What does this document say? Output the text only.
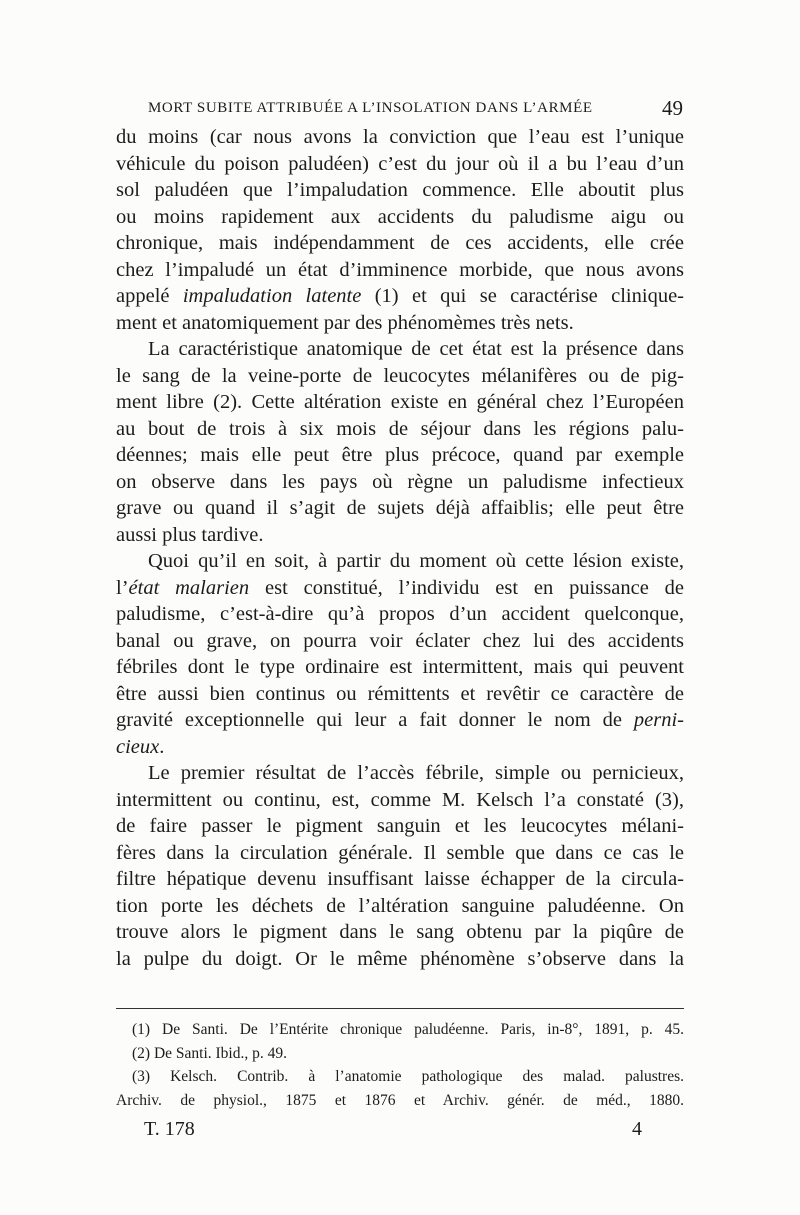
MORT SUBITE ATTRIBUÉE A L’INSOLATION DANS L’ARMÉE	49
du moins (car nous avons la conviction que l’eau est l’unique
véhicule du poison paludéen) c’est du jour où il a bu l’eau d’un
sol paludéen que l’impaludation commence. Elle aboutit plus
ou moins rapidement aux accidents du paludisme aigu ou
chronique, mais indépendamment de ces accidents, elle crée
chez l’impaludé un état d’imminence morbide, que nous avons
appelé impaludation latente (1) et qui se caractérise clinique-
ment et anatomiquement par des phénomèmes très nets.
La caractéristique anatomique de cet état est la présence dans
le sang de la veine-porte de leucocytes mélanifères ou de pig-
ment libre (2). Cette altération existe en général chez l’Européen
au bout de trois à six mois de séjour dans les régions palu-
déennes; mais elle peut être plus précoce, quand par exemple
on observe dans les pays où règne un paludisme infectieux
grave ou quand il s’agit de sujets déjà affaiblis; elle peut être
aussi plus tardive.
Quoi qu’il en soit, à partir du moment où cette lésion existe,
l’état malarien est constitué, l’individu est en puissance de
paludisme, c’est-à-dire qu’à propos d’un accident quelconque,
banal ou grave, on pourra voir éclater chez lui des accidents
fébriles dont le type ordinaire est intermittent, mais qui peuvent
être aussi bien continus ou rémittents et revêtir ce caractère de
gravité exceptionnelle qui leur a fait donner le nom de perni-
cieux.
Le premier résultat de l’accès fébrile, simple ou pernicieux,
intermittent ou continu, est, comme M. Kelsch l’a constaté (3),
de faire passer le pigment sanguin et les leucocytes mélani-
fères dans la circulation générale. Il semble que dans ce cas le
filtre hépatique devenu insuffisant laisse échapper de la circula-
tion porte les déchets de l’altération sanguine paludéenne. On
trouve alors le pigment dans le sang obtenu par la piqûre de
la pulpe du doigt. Or le même phénomène s’observe dans la
(1) De Santi. De l’Entérite chronique paludéenne. Paris, in-8°, 1891, p. 45.
(2) De Santi. Ibid., p. 49.
(3) Kelsch. Contrib. à l’anatomie pathologique des malad. palustres.
Archiv. de physiol., 1875 et 1876 et Archiv. génér. de méd., 1880.
T. 178	4
